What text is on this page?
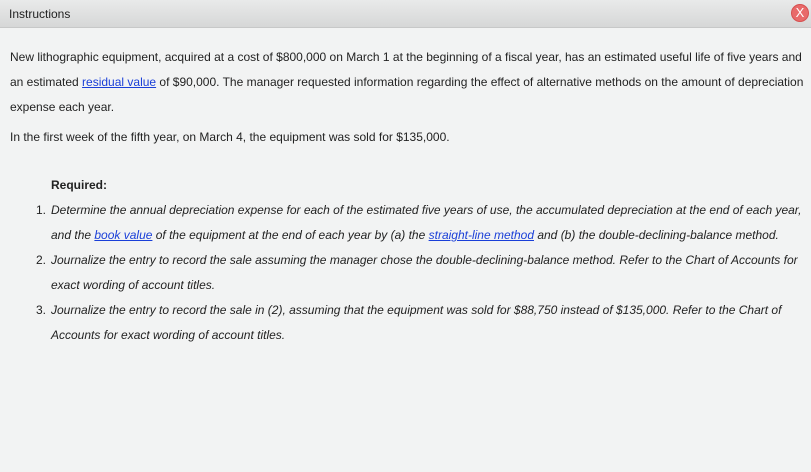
Instructions	X

New lithographic equipment, acquired at a cost of $800,000 on March 1 at the beginning of a fiscal year, has an estimated useful life of five years and an estimated residual value of $90,000. The manager requested information regarding the effect of alternative methods on the amount of depreciation expense each year.

In the first week of the fifth year, on March 4, the equipment was sold for $135,000.

Required:
1. Determine the annual depreciation expense for each of the estimated five years of use, the accumulated depreciation at the end of each year, and the book value of the equipment at the end of each year by (a) the straight-line method and (b) the double-declining-balance method.
2. Journalize the entry to record the sale assuming the manager chose the double-declining-balance method. Refer to the Chart of Accounts for exact wording of account titles.
3. Journalize the entry to record the sale in (2), assuming that the equipment was sold for $88,750 instead of $135,000. Refer to the Chart of Accounts for exact wording of account titles.
